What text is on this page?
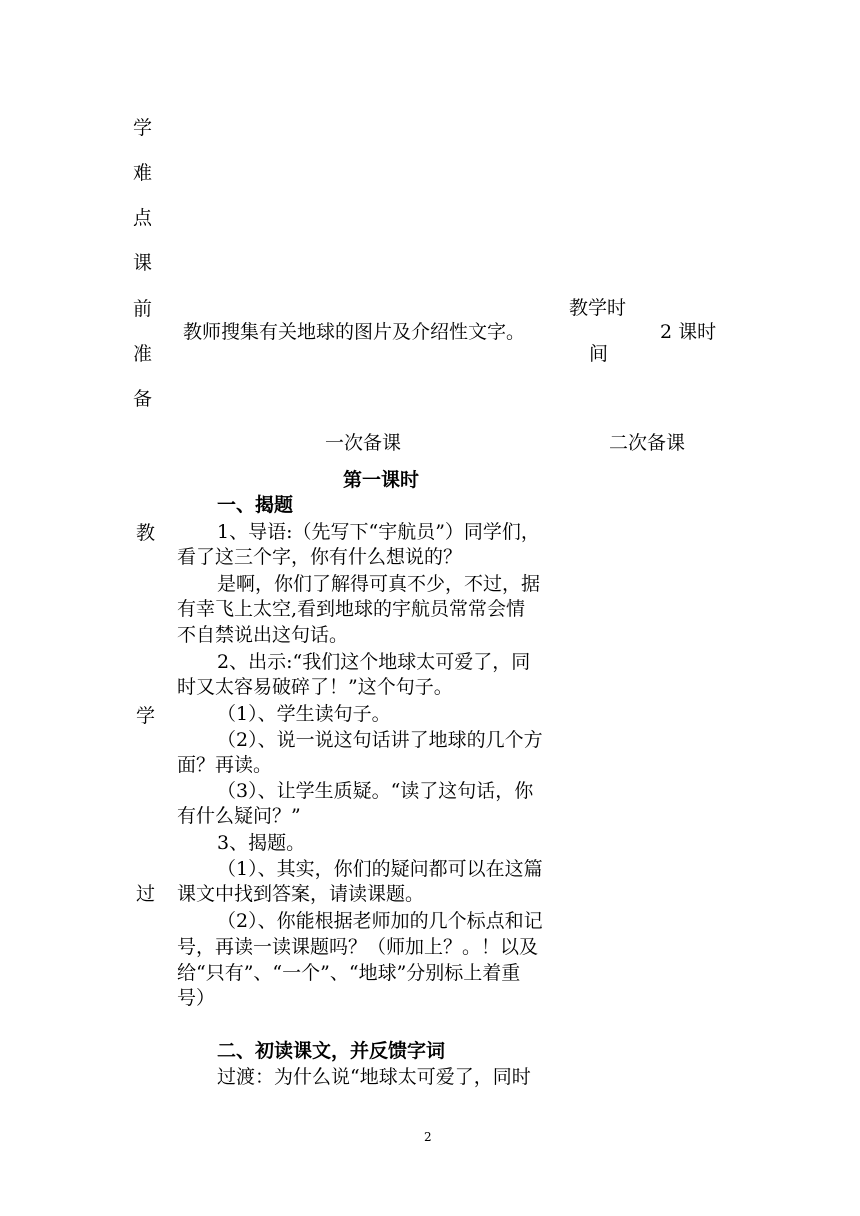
学
难
点
课
前
准
备
教
学
过
教师搜集有关地球的图片及介绍性文字。
教学时
间
2 课时
一次备课	二次备课
第一课时
一、揭题
1、导语:（先写下“宇航员”）同学们，
看了这三个字，你有什么想说的？
是啊，你们了解得可真不少，不过，据
有幸飞上太空,看到地球的宇航员常常会情
不自禁说出这句话。
2、出示:“我们这个地球太可爱了，同
时又太容易破碎了！”这个句子。
（1）、学生读句子。
（2）、说一说这句话讲了地球的几个方
面？再读。
（3）、让学生质疑。“读了这句话，你
有什么疑问？”
3、揭题。
（1）、其实，你们的疑问都可以在这篇
课文中找到答案，请读课题。
（2）、你能根据老师加的几个标点和记
号，再读一读课题吗？（师加上？。！以及
给“只有”、“一个”、“地球”分别标上着重
号）
二、初读课文，并反馈字词
过渡：为什么说“地球太可爱了，同时
2
